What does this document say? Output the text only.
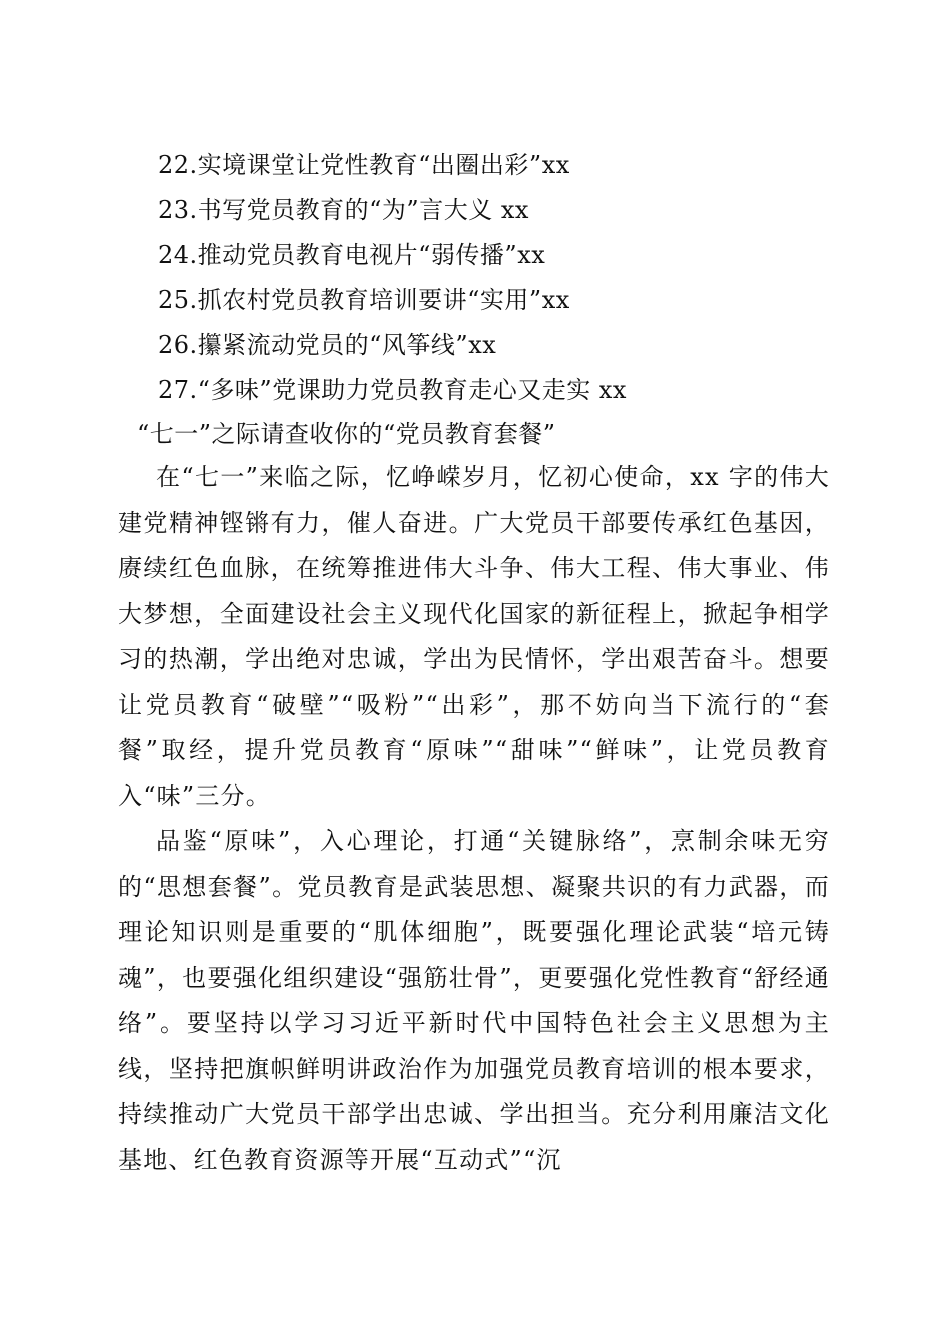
22.实境课堂让党性教育“出圈出彩”xx
23.书写党员教育的“为”言大义 xx
24.推动党员教育电视片“弱传播”xx
25.抓农村党员教育培训要讲“实用”xx
26.攥紧流动党员的“风筝线”xx
27.“多味”党课助力党员教育走心又走实 xx
“七一”之际请查收你的“党员教育套餐”

在“七一”来临之际，忆峥嵘岁月，忆初心使命，xx 字的伟大建党精神铿锵有力，催人奋进。广大党员干部要传承红色基因，赓续红色血脉，在统筹推进伟大斗争、伟大工程、伟大事业、伟大梦想，全面建设社会主义现代化国家的新征程上，掀起争相学习的热潮，学出绝对忠诚，学出为民情怀，学出艰苦奋斗。想要让党员教育“破壁”“吸粉”“出彩”，那不妨向当下流行的“套餐”取经，提升党员教育“原味”“甜味”“鲜味”，让党员教育入“味”三分。

品鉴“原味”，入心理论，打通“关键脉络”，烹制余味无穷的“思想套餐”。党员教育是武装思想、凝聚共识的有力武器，而理论知识则是重要的“肌体细胞”，既要强化理论武装“培元铸魂”，也要强化组织建设“强筋壮骨”，更要强化党性教育“舒经通络”。要坚持以学习习近平新时代中国特色社会主义思想为主线，坚持把旗帜鲜明讲政治作为加强党员教育培训的根本要求，持续推动广大党员干部学出忠诚、学出担当。充分利用廉洁文化基地、红色教育资源等开展“互动式”“沉
